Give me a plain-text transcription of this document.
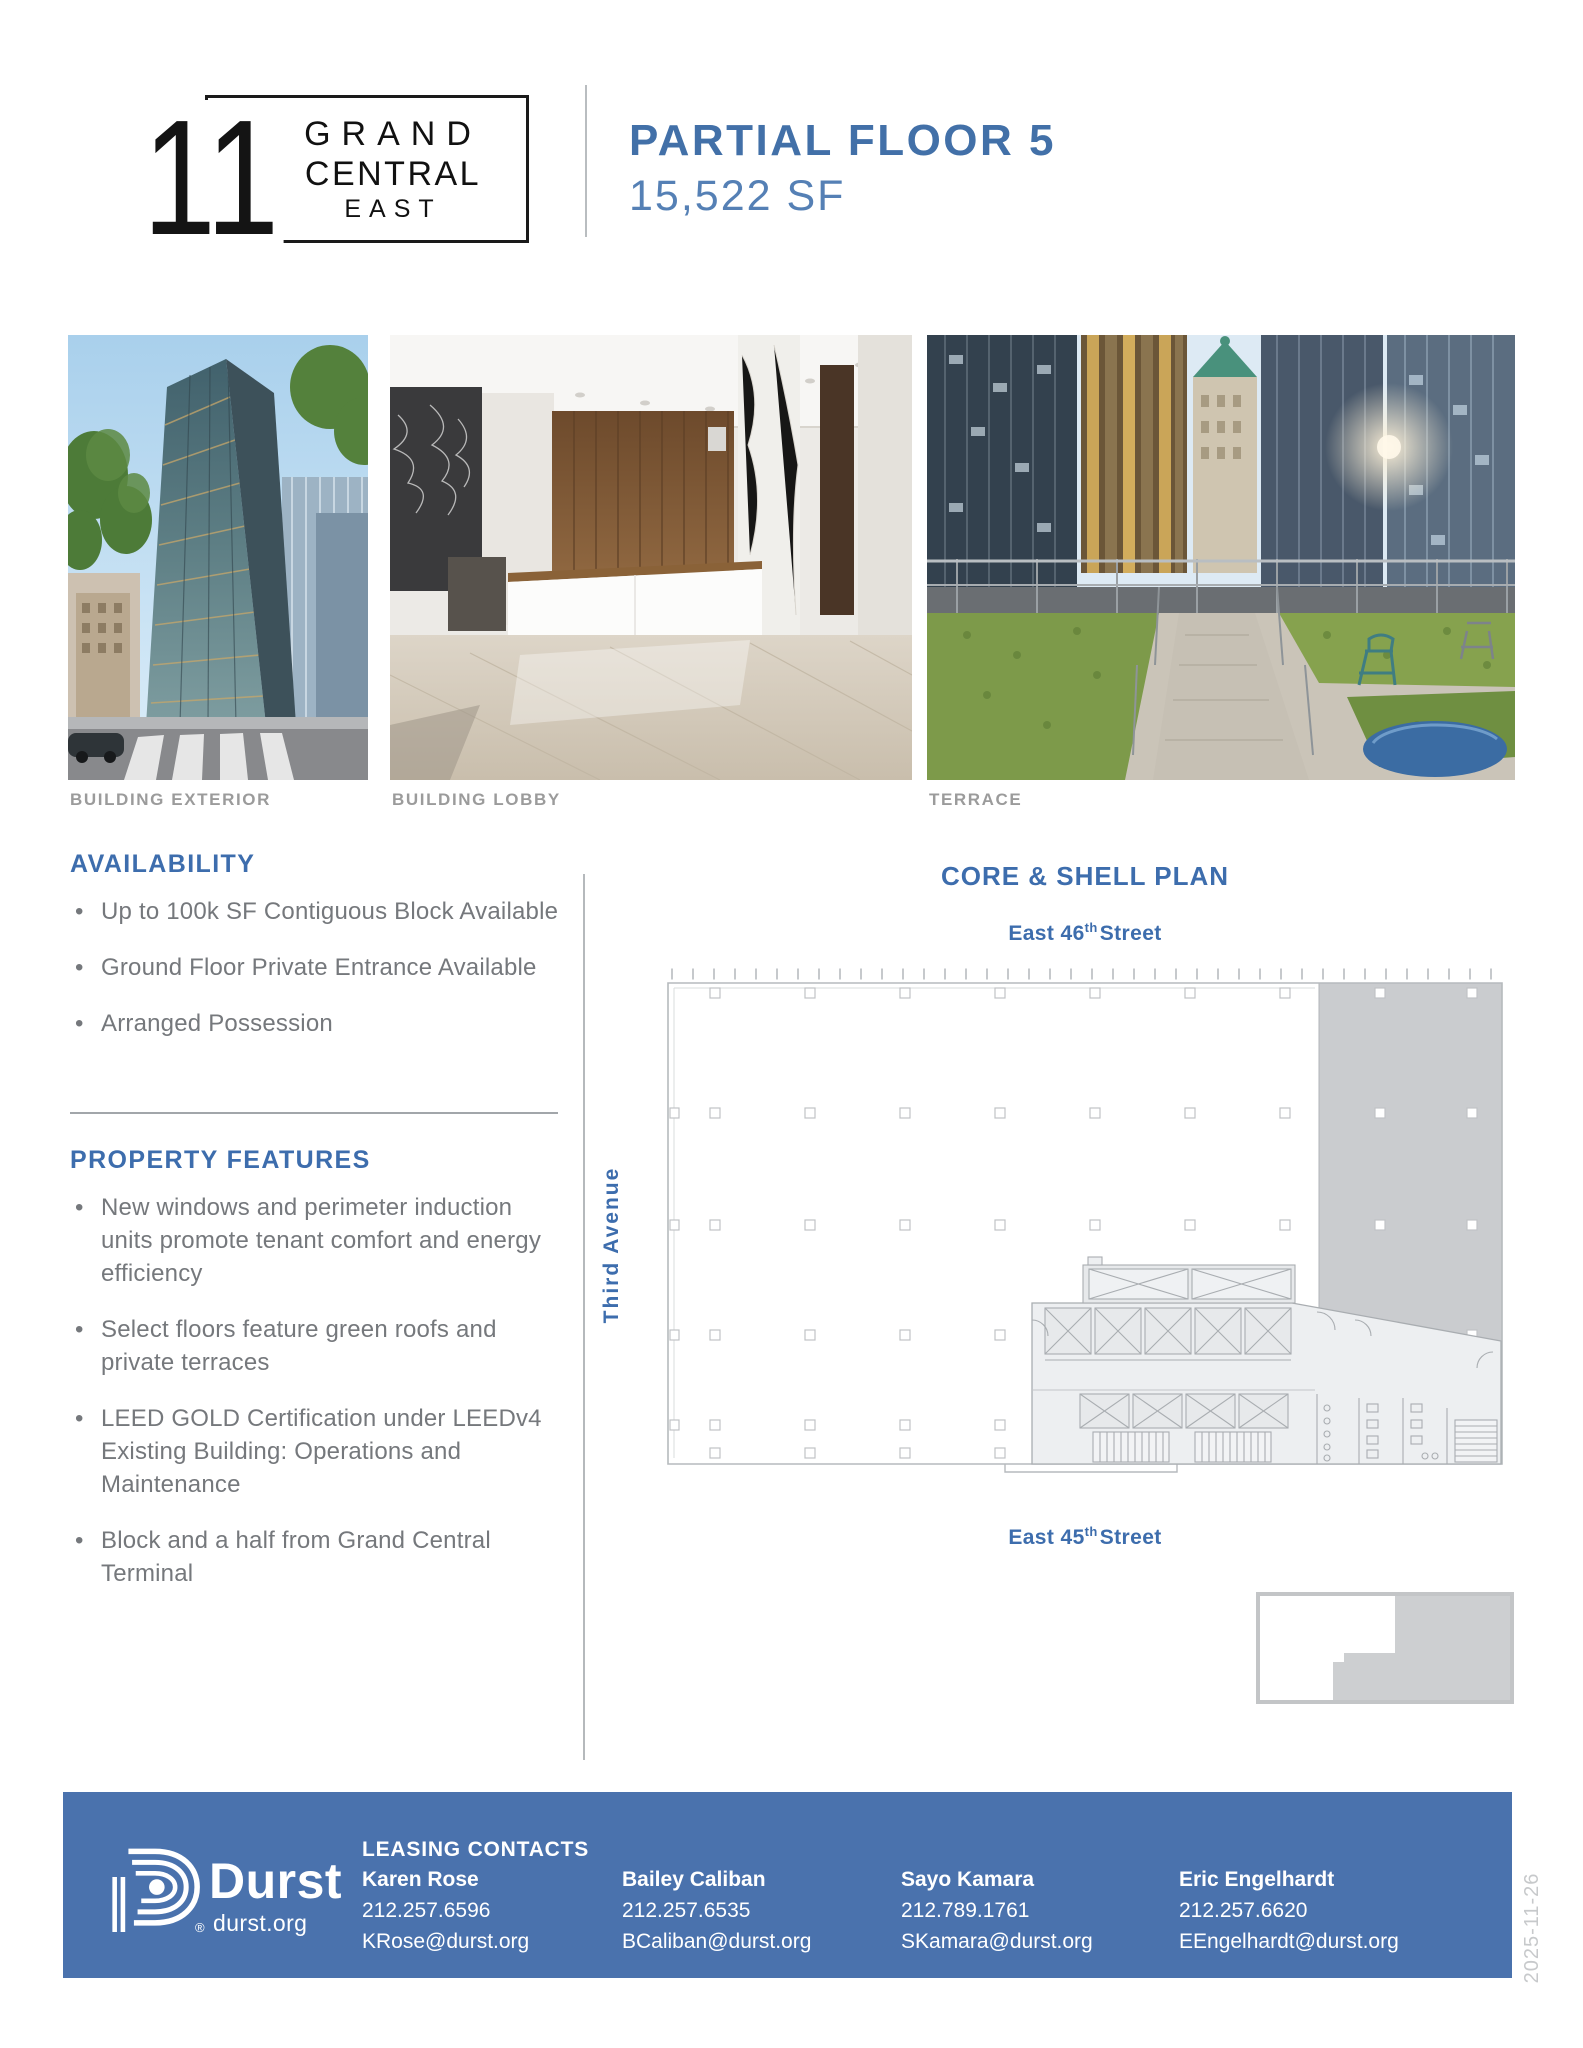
GRAND
CENTRAL
EAST
11	PARTIAL FLOOR 5
15,522 SF
BUILDING EXTERIOR	BUILDING LOBBY	TERRACE
AVAILABILITY
• Up to 100k SF Contiguous Block Available
• Ground Floor Private Entrance Available
• Arranged Possession
PROPERTY FEATURES
• New windows and perimeter induction units promote tenant comfort and energy efficiency
• Select floors feature green roofs and private terraces
• LEED GOLD Certification under LEEDv4 Existing Building: Operations and Maintenance
• Block and a half from Grand Central Terminal
CORE & SHELL PLAN
East 46thStreet
Third Avenue
East 45thStreet
®
Durst
durst.org
LEASING CONTACTS
Karen Rose
212.257.6596
KRose@durst.org
Bailey Caliban
212.257.6535
BCaliban@durst.org
Sayo Kamara
212.789.1761
SKamara@durst.org
Eric Engelhardt
212.257.6620
EEngelhardt@durst.org	2025-11-26
